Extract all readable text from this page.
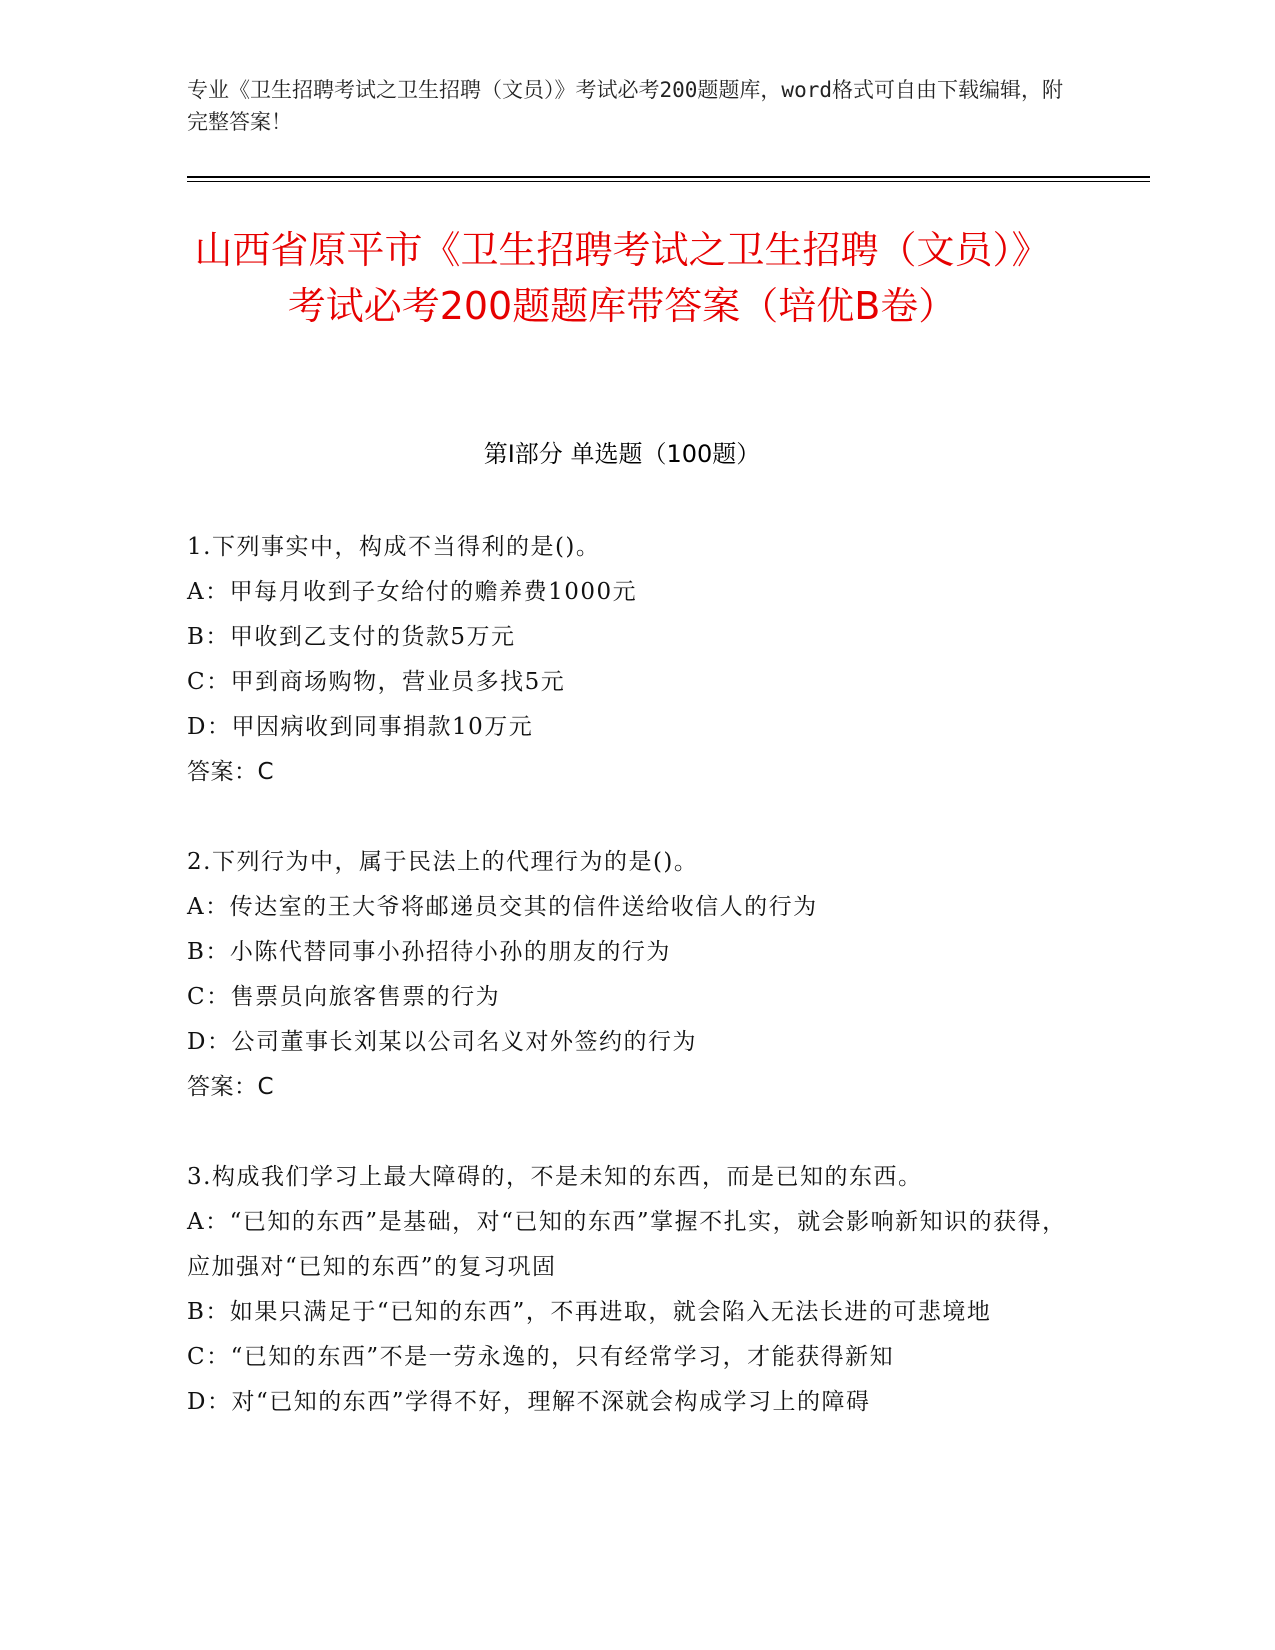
专业《卫生招聘考试之卫生招聘（文员）》考试必考200题题库，word格式可自由下载编辑，附完整答案！
山西省原平市《卫生招聘考试之卫生招聘（文员）》考试必考200题题库带答案（培优B卷）
第I部分 单选题（100题）
1.下列事实中，构成不当得利的是()。
A：甲每月收到子女给付的赡养费1000元
B：甲收到乙支付的货款5万元
C：甲到商场购物，营业员多找5元
D：甲因病收到同事捐款10万元
答案：C
2.下列行为中，属于民法上的代理行为的是()。
A：传达室的王大爷将邮递员交其的信件送给收信人的行为
B：小陈代替同事小孙招待小孙的朋友的行为
C：售票员向旅客售票的行为
D：公司董事长刘某以公司名义对外签约的行为
答案：C
3.构成我们学习上最大障碍的，不是未知的东西，而是已知的东西。
A：“已知的东西”是基础，对“已知的东西”掌握不扎实，就会影响新知识的获得，应加强对“已知的东西”的复习巩固
B：如果只满足于“已知的东西”，不再进取，就会陷入无法长进的可悲境地
C：“已知的东西”不是一劳永逸的，只有经常学习，才能获得新知
D：对“已知的东西”学得不好，理解不深就会构成学习上的障碍
